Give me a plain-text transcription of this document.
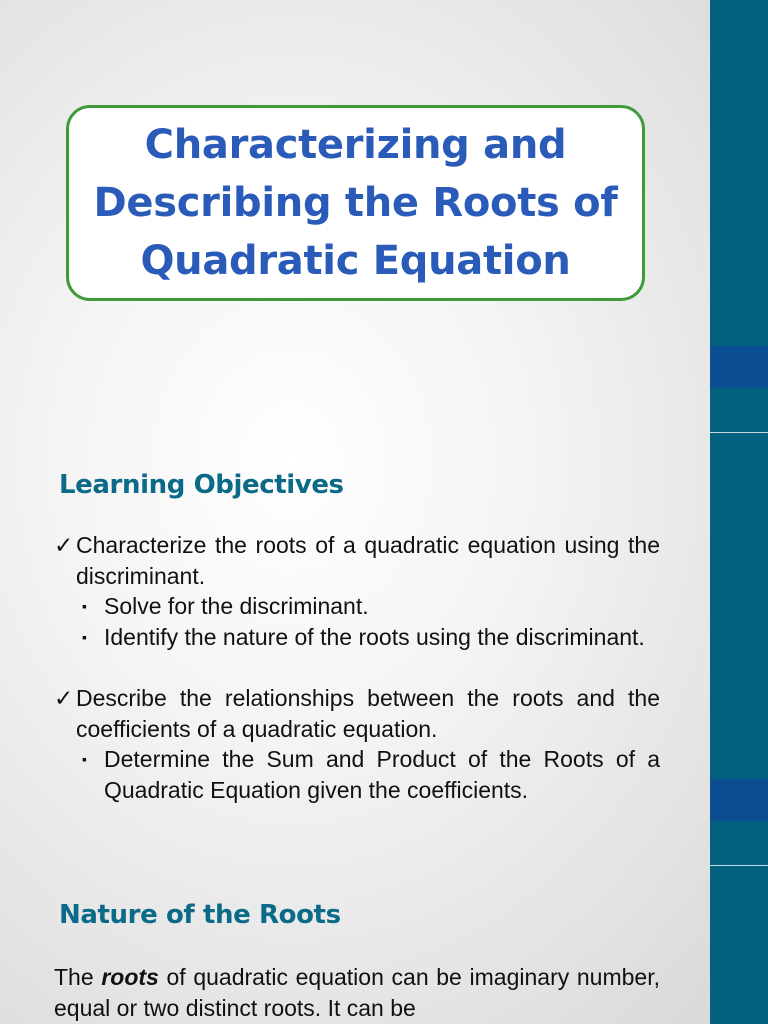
Characterizing and Describing the Roots of Quadratic Equation
Learning Objectives
✓ Characterize the roots of a quadratic equation using the discriminant.
▪ Solve for the discriminant.
▪ Identify the nature of the roots using the discriminant.
✓ Describe the relationships between the roots and the coefficients of a quadratic equation.
▪ Determine the Sum and Product of the Roots of a Quadratic Equation given the coefficients.
Nature of the Roots

The roots of quadratic equation can be imaginary number, equal or two distinct roots. It can be
